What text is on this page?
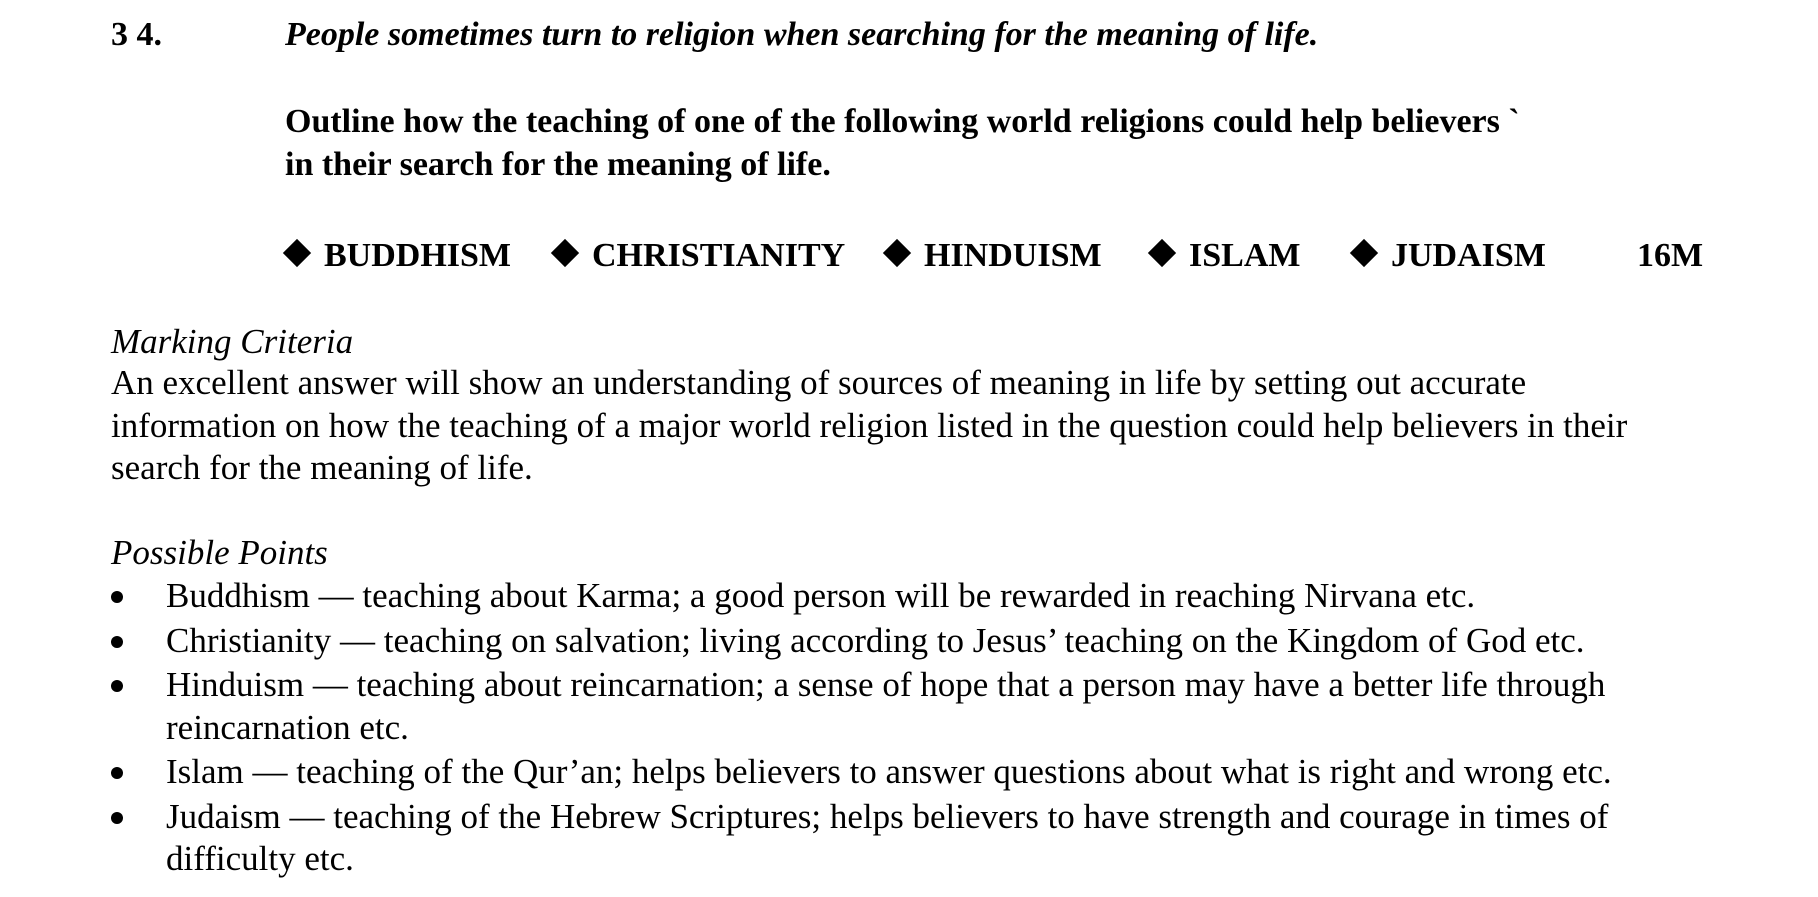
3 4.	People sometimes turn to religion when searching for the meaning of life.
Outline how the teaching of one of the following world religions could help believers `
in their search for the meaning of life.
BUDDHISM	CHRISTIANITY	HINDUISM	ISLAM	JUDAISM	16M
Marking Criteria
An excellent answer will show an understanding of sources of meaning in life by setting out accurate
information on how the teaching of a major world religion listed in the question could help believers in their
search for the meaning of life.
Possible Points
Buddhism — teaching about Karma; a good person will be rewarded in reaching Nirvana etc.
Christianity — teaching on salvation; living according to Jesus’ teaching on the Kingdom of God etc.
Hinduism — teaching about reincarnation; a sense of hope that a person may have a better life through
reincarnation etc.
Islam — teaching of the Qur’an; helps believers to answer questions about what is right and wrong etc.
Judaism — teaching of the Hebrew Scriptures; helps believers to have strength and courage in times of
difficulty etc.
